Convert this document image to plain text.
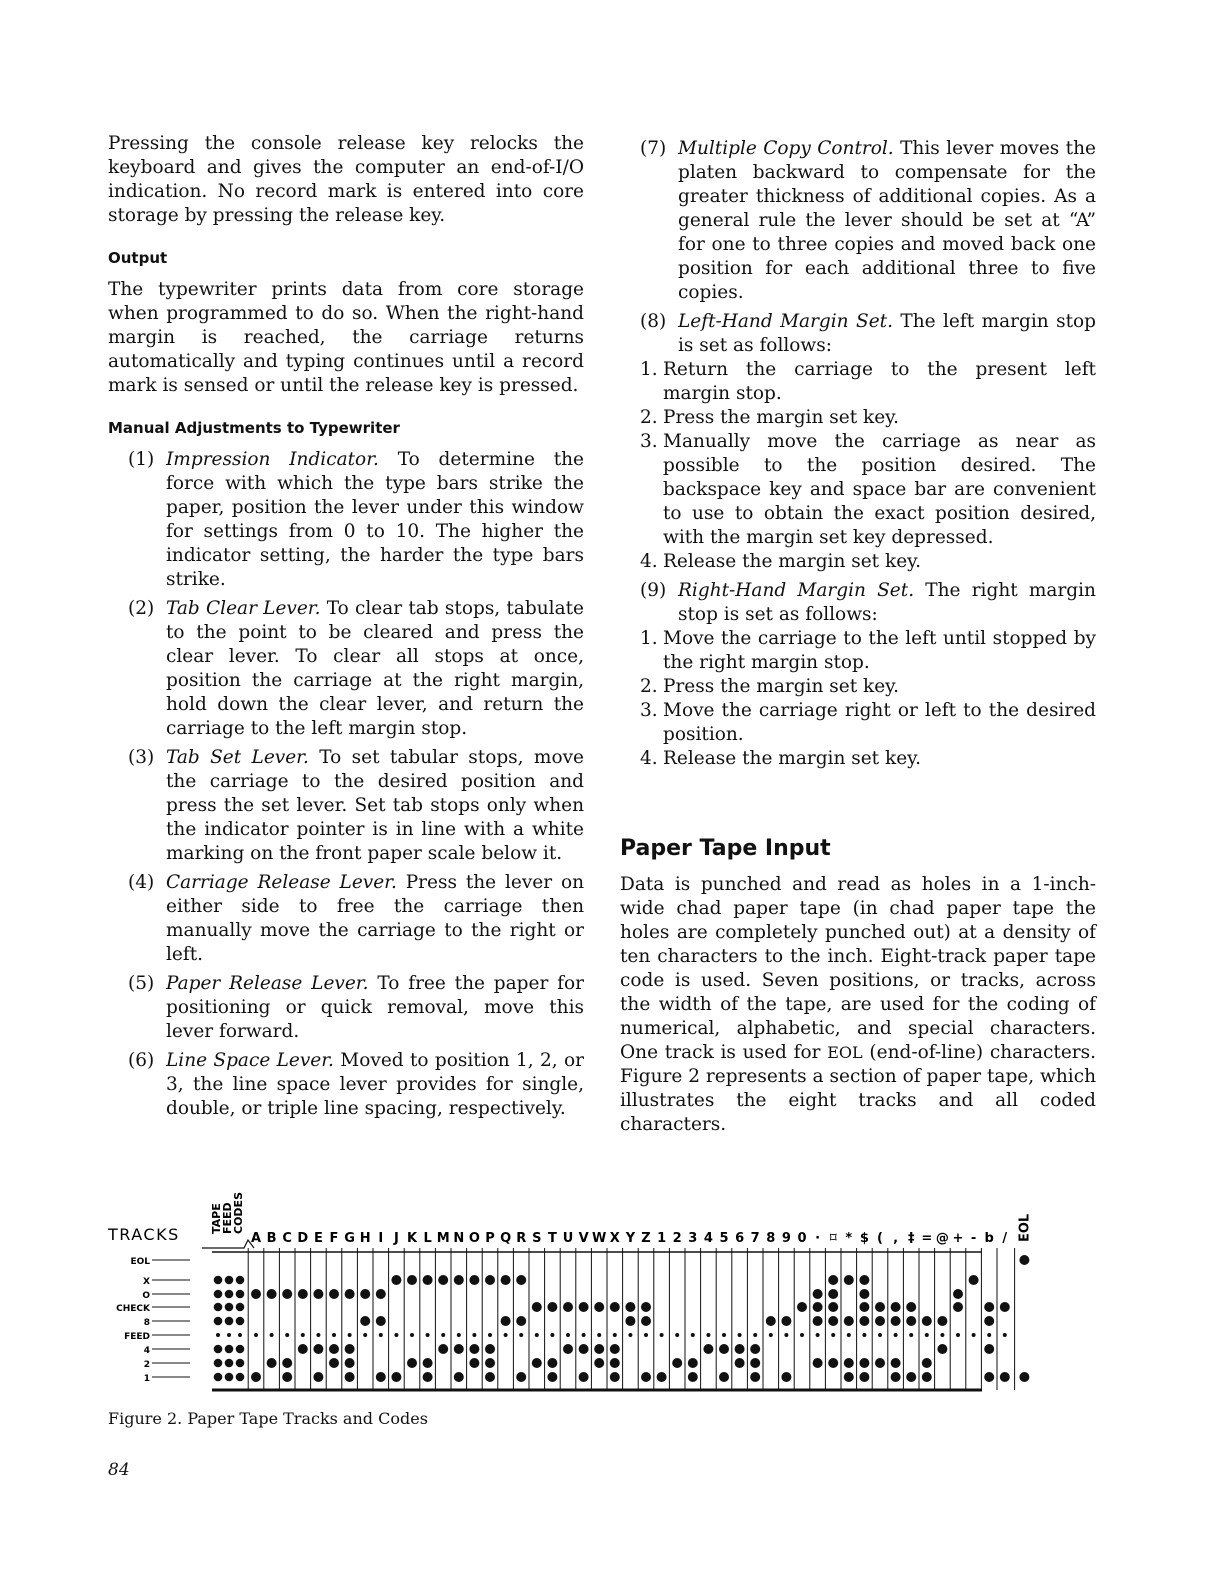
Pressing the console release key relocks the keyboard and gives the computer an end-of-I/O indication. No record mark is entered into core storage by pressing the release key.

Output

The typewriter prints data from core storage when programmed to do so. When the right-hand margin is reached, the carriage returns automatically and typing continues until a record mark is sensed or until the release key is pressed.

Manual Adjustments to Typewriter
(1) Impression Indicator. To determine the force with which the type bars strike the paper, position the lever under this window for settings from 0 to 10. The higher the indicator setting, the harder the type bars strike.
(2) Tab Clear Lever. To clear tab stops, tabulate to the point to be cleared and press the clear lever. To clear all stops at once, position the carriage at the right margin, hold down the clear lever, and return the carriage to the left margin stop.
(3) Tab Set Lever. To set tabular stops, move the carriage to the desired position and press the set lever. Set tab stops only when the indicator pointer is in line with a white marking on the front paper scale below it.
(4) Carriage Release Lever. Press the lever on either side to free the carriage then manually move the carriage to the right or left.
(5) Paper Release Lever. To free the paper for positioning or quick removal, move this lever forward.
(6) Line Space Lever. Moved to position 1, 2, or 3, the line space lever provides for single, double, or triple line spacing, respectively.
(7) Multiple Copy Control. This lever moves the platen backward to compensate for the greater thickness of additional copies. As a general rule the lever should be set at “A” for one to three copies and moved back one position for each additional three to five copies.
(8) Left-Hand Margin Set. The left margin stop is set as follows:
1. Return the carriage to the present left margin stop.
2. Press the margin set key.
3. Manually move the carriage as near as possible to the position desired. The backspace key and space bar are convenient to use to obtain the exact position desired, with the margin set key depressed.
4. Release the margin set key.
(9) Right-Hand Margin Set. The right margin stop is set as follows:
1. Move the carriage to the left until stopped by the right margin stop.
2. Press the margin set key.
3. Move the carriage right or left to the desired position.
4. Release the margin set key.
Paper Tape Input

Data is punched and read as holes in a 1-inch-wide chad paper tape (in chad paper tape the holes are completely punched out) at a density of ten characters to the inch. Eight-track paper tape code is used. Seven positions, or tracks, across the width of the tape, are used for the coding of numerical, alphabetic, and special characters. One track is used for EOL (end-of-line) characters. Figure 2 represents a section of paper tape, which illustrates the eight tracks and all coded characters.

TRACKS
TAPE
FEED
CODES
EOL
X
O
CHECK
8
FEED
4
2
1
A B C D E F G H I J K L M N O P Q R S T U V W X Y Z 1 2 3 4 5 6 7 8 9 0 · ⌑ * $ ( , ‡ = @ + - b / EOL
Figure 2. Paper Tape Tracks and Codes
84
